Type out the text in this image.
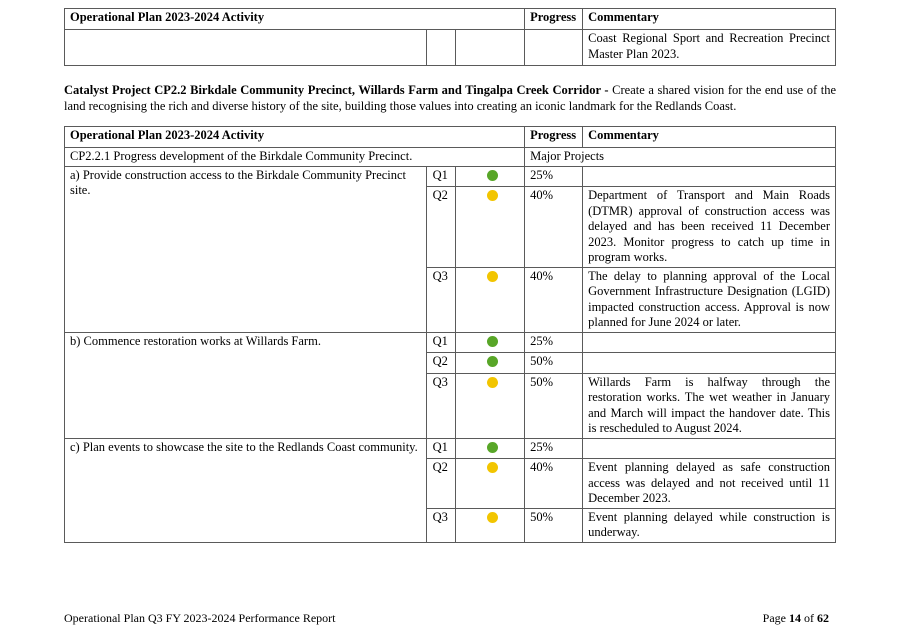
Operational Plan 2023-2024 Activity			Progress	Commentary
				Coast Regional Sport and Recreation Precinct Master Plan 2023.
Catalyst Project CP2.2 Birkdale Community Precinct, Willards Farm and Tingalpa Creek Corridor - Create a shared vision for the end use of the land recognising the rich and diverse history of the site, building those values into creating an iconic landmark for the Redlands Coast.
Operational Plan 2023-2024 Activity			Progress	Commentary
CP2.2.1 Progress development of the Birkdale Community Precinct.			Major Projects	
a) Provide construction access to the Birkdale Community Precinct site.	Q1		25%	
	Q2		40%	Department of Transport and Main Roads (DTMR) approval of construction access was delayed and has been received 11 December 2023. Monitor progress to catch up time in program works.
	Q3		40%	The delay to planning approval of the Local Government Infrastructure Designation (LGID) impacted construction access. Approval is now planned for June 2024 or later.
b) Commence restoration works at Willards Farm.	Q1		25%	
	Q2		50%	
	Q3		50%	Willards Farm is halfway through the restoration works. The wet weather in January and March will impact the handover date. This is rescheduled to August 2024.
c) Plan events to showcase the site to the Redlands Coast community.	Q1		25%	
	Q2		40%	Event planning delayed as safe construction access was delayed and not received until 11 December 2023.
	Q3		50%	Event planning delayed while construction is underway.
Operational Plan Q3 FY 2023-2024 Performance Report	Page 14 of 62
